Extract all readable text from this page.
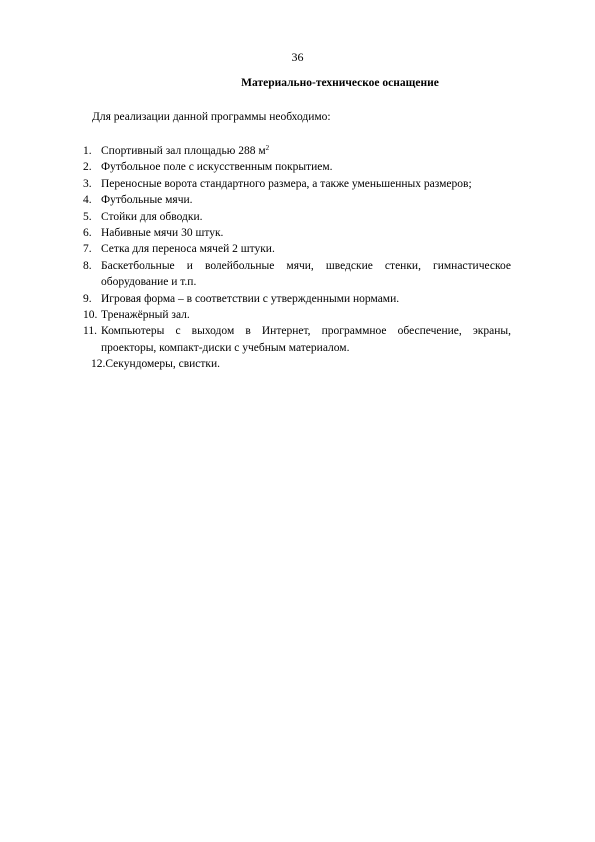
36
Материально-техническое оснащение
Для реализации данной программы необходимо:
1. Спортивный зал площадью 288 $м^2$
2. Футбольное поле с искусственным покрытием.
3. Переносные ворота стандартного размера, а также уменьшенных размеров;
4. Футбольные мячи.
5. Стойки для обводки.
6. Набивные мячи 30 штук.
7. Сетка для переноса мячей 2 штуки.
8. Баскетбольные и волейбольные мячи, шведские стенки, гимнастическое оборудование и т.п.
9. Игровая форма – в соответствии с утвержденными нормами.
10. Тренажёрный зал.
11. Компьютеры с выходом в Интернет, программное обеспечение, экраны, проекторы, компакт-диски с учебным материалом.
12.Секундомеры, свистки.
